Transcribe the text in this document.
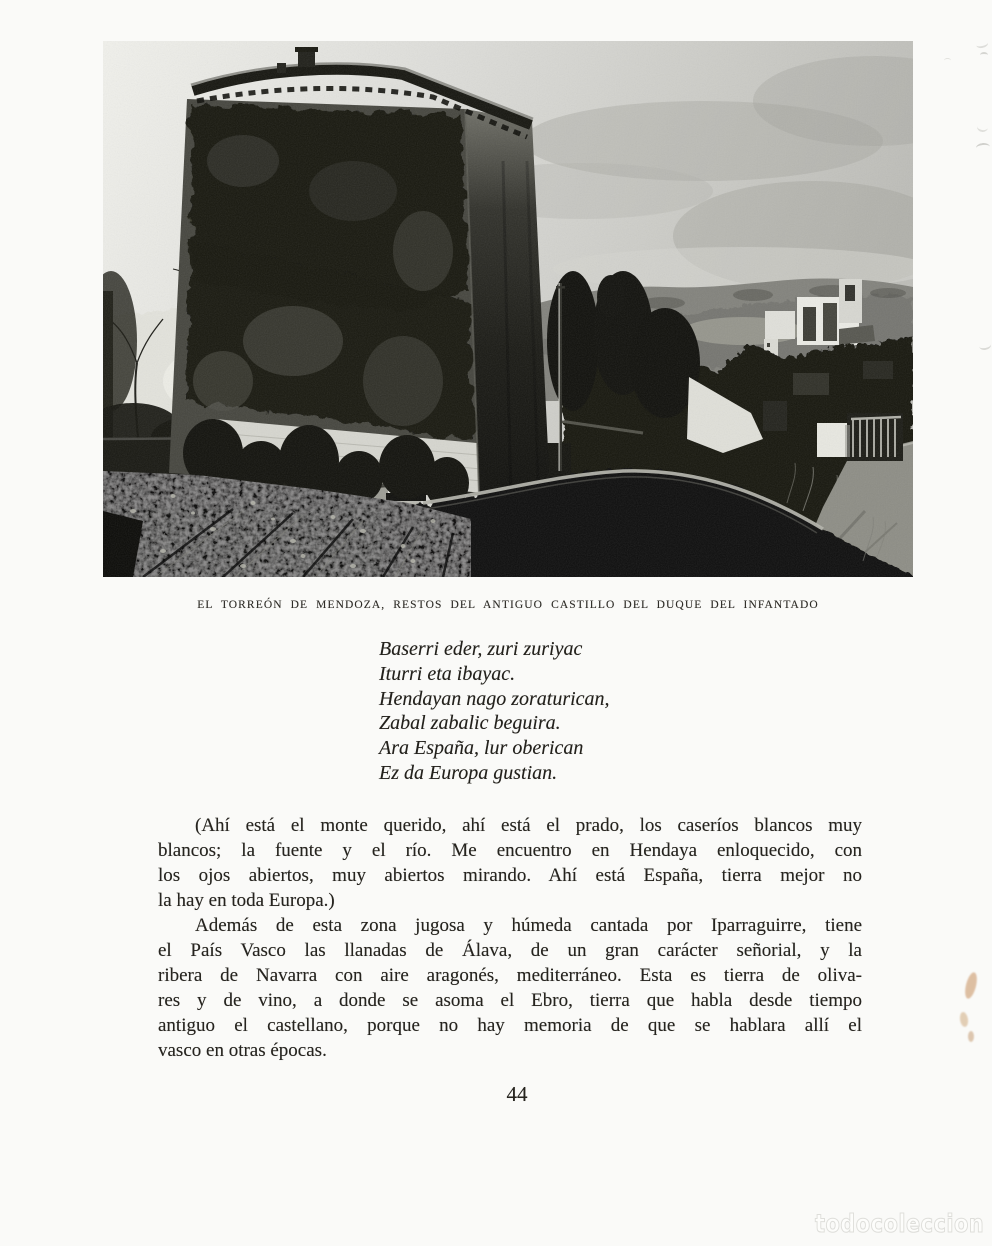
EL TORREÓN DE MENDOZA, RESTOS DEL ANTIGUO CASTILLO DEL DUQUE DEL INFANTADO
Baserri eder, zuri zuriyac
Iturri eta ibayac.
Hendayan nago zoraturican,
Zabal zabalic beguira.
Ara España, lur oberican
Ez da Europa gustian.
(Ahí está el monte querido, ahí está el prado, los caseríos blancos muy
blancos; la fuente y el río. Me encuentro en Hendaya enloquecido, con
los ojos abiertos, muy abiertos mirando. Ahí está España, tierra mejor no
la hay en toda Europa.)
Además de esta zona jugosa y húmeda cantada por Iparraguirre, tiene
el País Vasco las llanadas de Álava, de un gran carácter señorial, y la
ribera de Navarra con aire aragonés, mediterráneo. Esta es tierra de oliva-
res y de vino, a donde se asoma el Ebro, tierra que habla desde tiempo
antiguo el castellano, porque no hay memoria de que se hablara allí el
vasco en otras épocas.
44
todocoleccion
